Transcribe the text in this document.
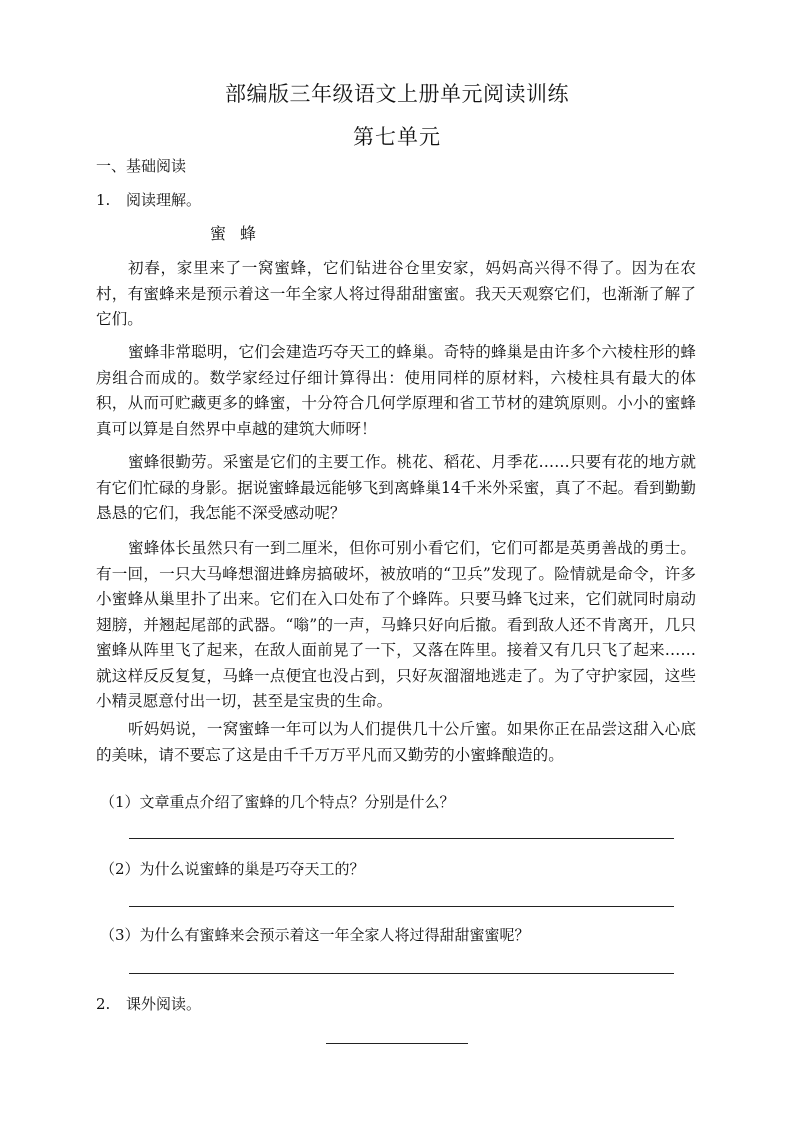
部编版三年级语文上册单元阅读训练
第七单元
一、基础阅读
1. 阅读理解。
蜜蜂

初春，家里来了一窝蜜蜂，它们钻进谷仓里安家，妈妈高兴得不得了。因为在农村，有蜜蜂来是预示着这一年全家人将过得甜甜蜜蜜。我天天观察它们，也渐渐了解了它们。

蜜蜂非常聪明，它们会建造巧夺天工的蜂巢。奇特的蜂巢是由许多个六棱柱形的蜂房组合而成的。数学家经过仔细计算得出：使用同样的原材料，六棱柱具有最大的体积，从而可贮藏更多的蜂蜜，十分符合几何学原理和省工节材的建筑原则。小小的蜜蜂真可以算是自然界中卓越的建筑大师呀！

蜜蜂很勤劳。采蜜是它们的主要工作。桃花、稻花、月季花……只要有花的地方就有它们忙碌的身影。据说蜜蜂最远能够飞到离蜂巢14千米外采蜜，真了不起。看到勤勤恳恳的它们，我怎能不深受感动呢？

蜜蜂体长虽然只有一到二厘米，但你可别小看它们，它们可都是英勇善战的勇士。有一回，一只大马峰想溜进蜂房搞破坏，被放哨的“卫兵”发现了。险情就是命令，许多小蜜蜂从巢里扑了出来。它们在入口处布了个蜂阵。只要马蜂飞过来，它们就同时扇动翅膀，并翘起尾部的武器。“嗡”的一声，马蜂只好向后撤。看到敌人还不肯离开，几只蜜蜂从阵里飞了起来，在敌人面前晃了一下，又落在阵里。接着又有几只飞了起来……就这样反反复复，马蜂一点便宜也没占到，只好灰溜溜地逃走了。为了守护家园，这些小精灵愿意付出一切，甚至是宝贵的生命。

听妈妈说，一窝蜜蜂一年可以为人们提供几十公斤蜜。如果你正在品尝这甜入心底的美味，请不要忘了这是由千千万万平凡而又勤劳的小蜜蜂酿造的。

（1）文章重点介绍了蜜蜂的几个特点？分别是什么？
（2）为什么说蜜蜂的巢是巧夺天工的？
（3）为什么有蜜蜂来会预示着这一年全家人将过得甜甜蜜蜜呢？
2. 课外阅读。
